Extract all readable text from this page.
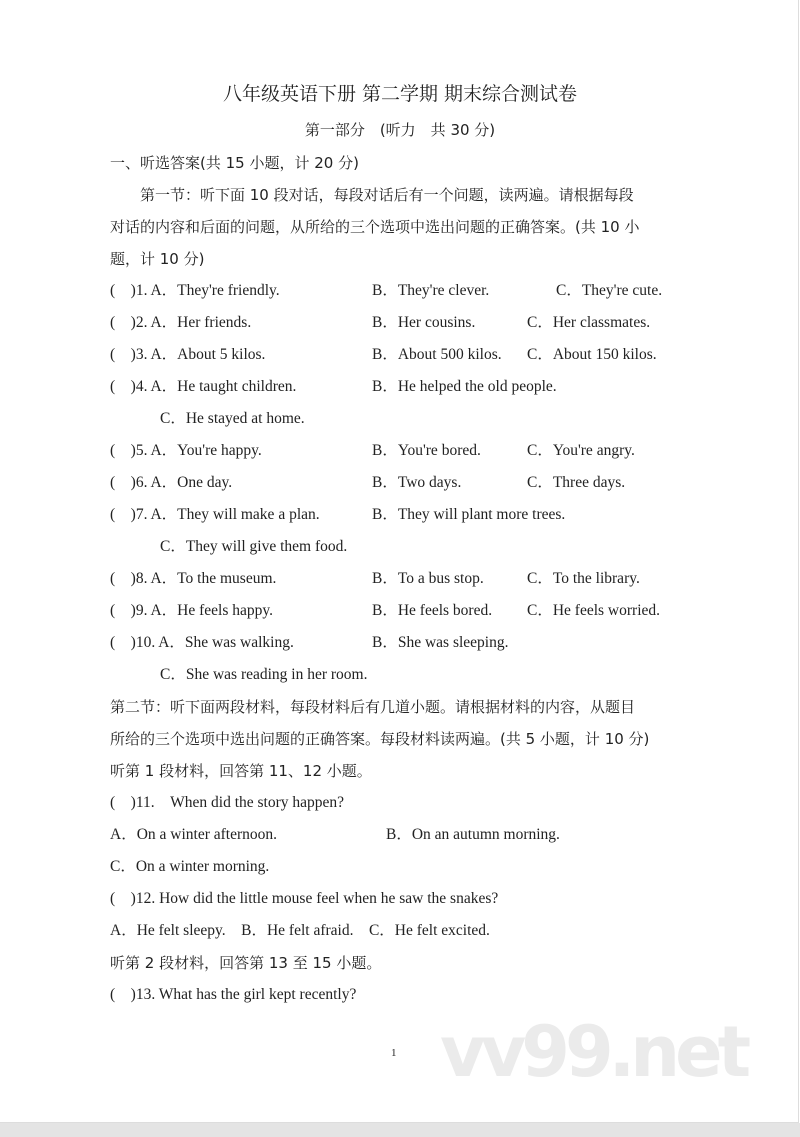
八年级英语下册 第二学期 期末综合测试卷
第一部分　(听力　共 30 分)
一、听选答案(共 15 小题，计 20 分)
第一节：听下面 10 段对话，每段对话后有一个问题，读两遍。请根据每段
对话的内容和后面的问题，从所给的三个选项中选出问题的正确答案。(共 10 小
题，计 10 分)
(　)1. A．They're friendly.	B．They're clever.	C．They're cute.
(　)2. A．Her friends.	B．Her cousins.	C．Her classmates.
(　)3. A．About 5 kilos.	B．About 500 kilos. C．About 150 kilos.
(　)4. A．He taught children.	B．He helped the old people.
C．He stayed at home.
(　)5. A．You're happy.	B．You're bored.	C．You're angry.
(　)6. A．One day.	B．Two days.	C．Three days.
(　)7. A．They will make a plan.	B．They will plant more trees.
C．They will give them food.
(　)8. A．To the museum.	B．To a bus stop.	C．To the library.
(　)9. A．He feels happy.	B．He feels bored. C．He feels worried.
(　)10. A．She was walking.	B．She was sleeping.
C．She was reading in her room.
第二节：听下面两段材料，每段材料后有几道小题。请根据材料的内容，从题目
所给的三个选项中选出问题的正确答案。每段材料读两遍。(共 5 小题，计 10 分)
听第 1 段材料，回答第 11、12 小题。
(　)11.　When did the story happen?
A．On a winter afternoon.	B．On an autumn morning.
C．On a winter morning.
(　)12. How did the little mouse feel when he saw the snakes?
A．He felt sleepy.　B．He felt afraid.　C．He felt excited.
听第 2 段材料，回答第 13 至 15 小题。
(　)13. What has the girl kept recently?
vv99.net
1
